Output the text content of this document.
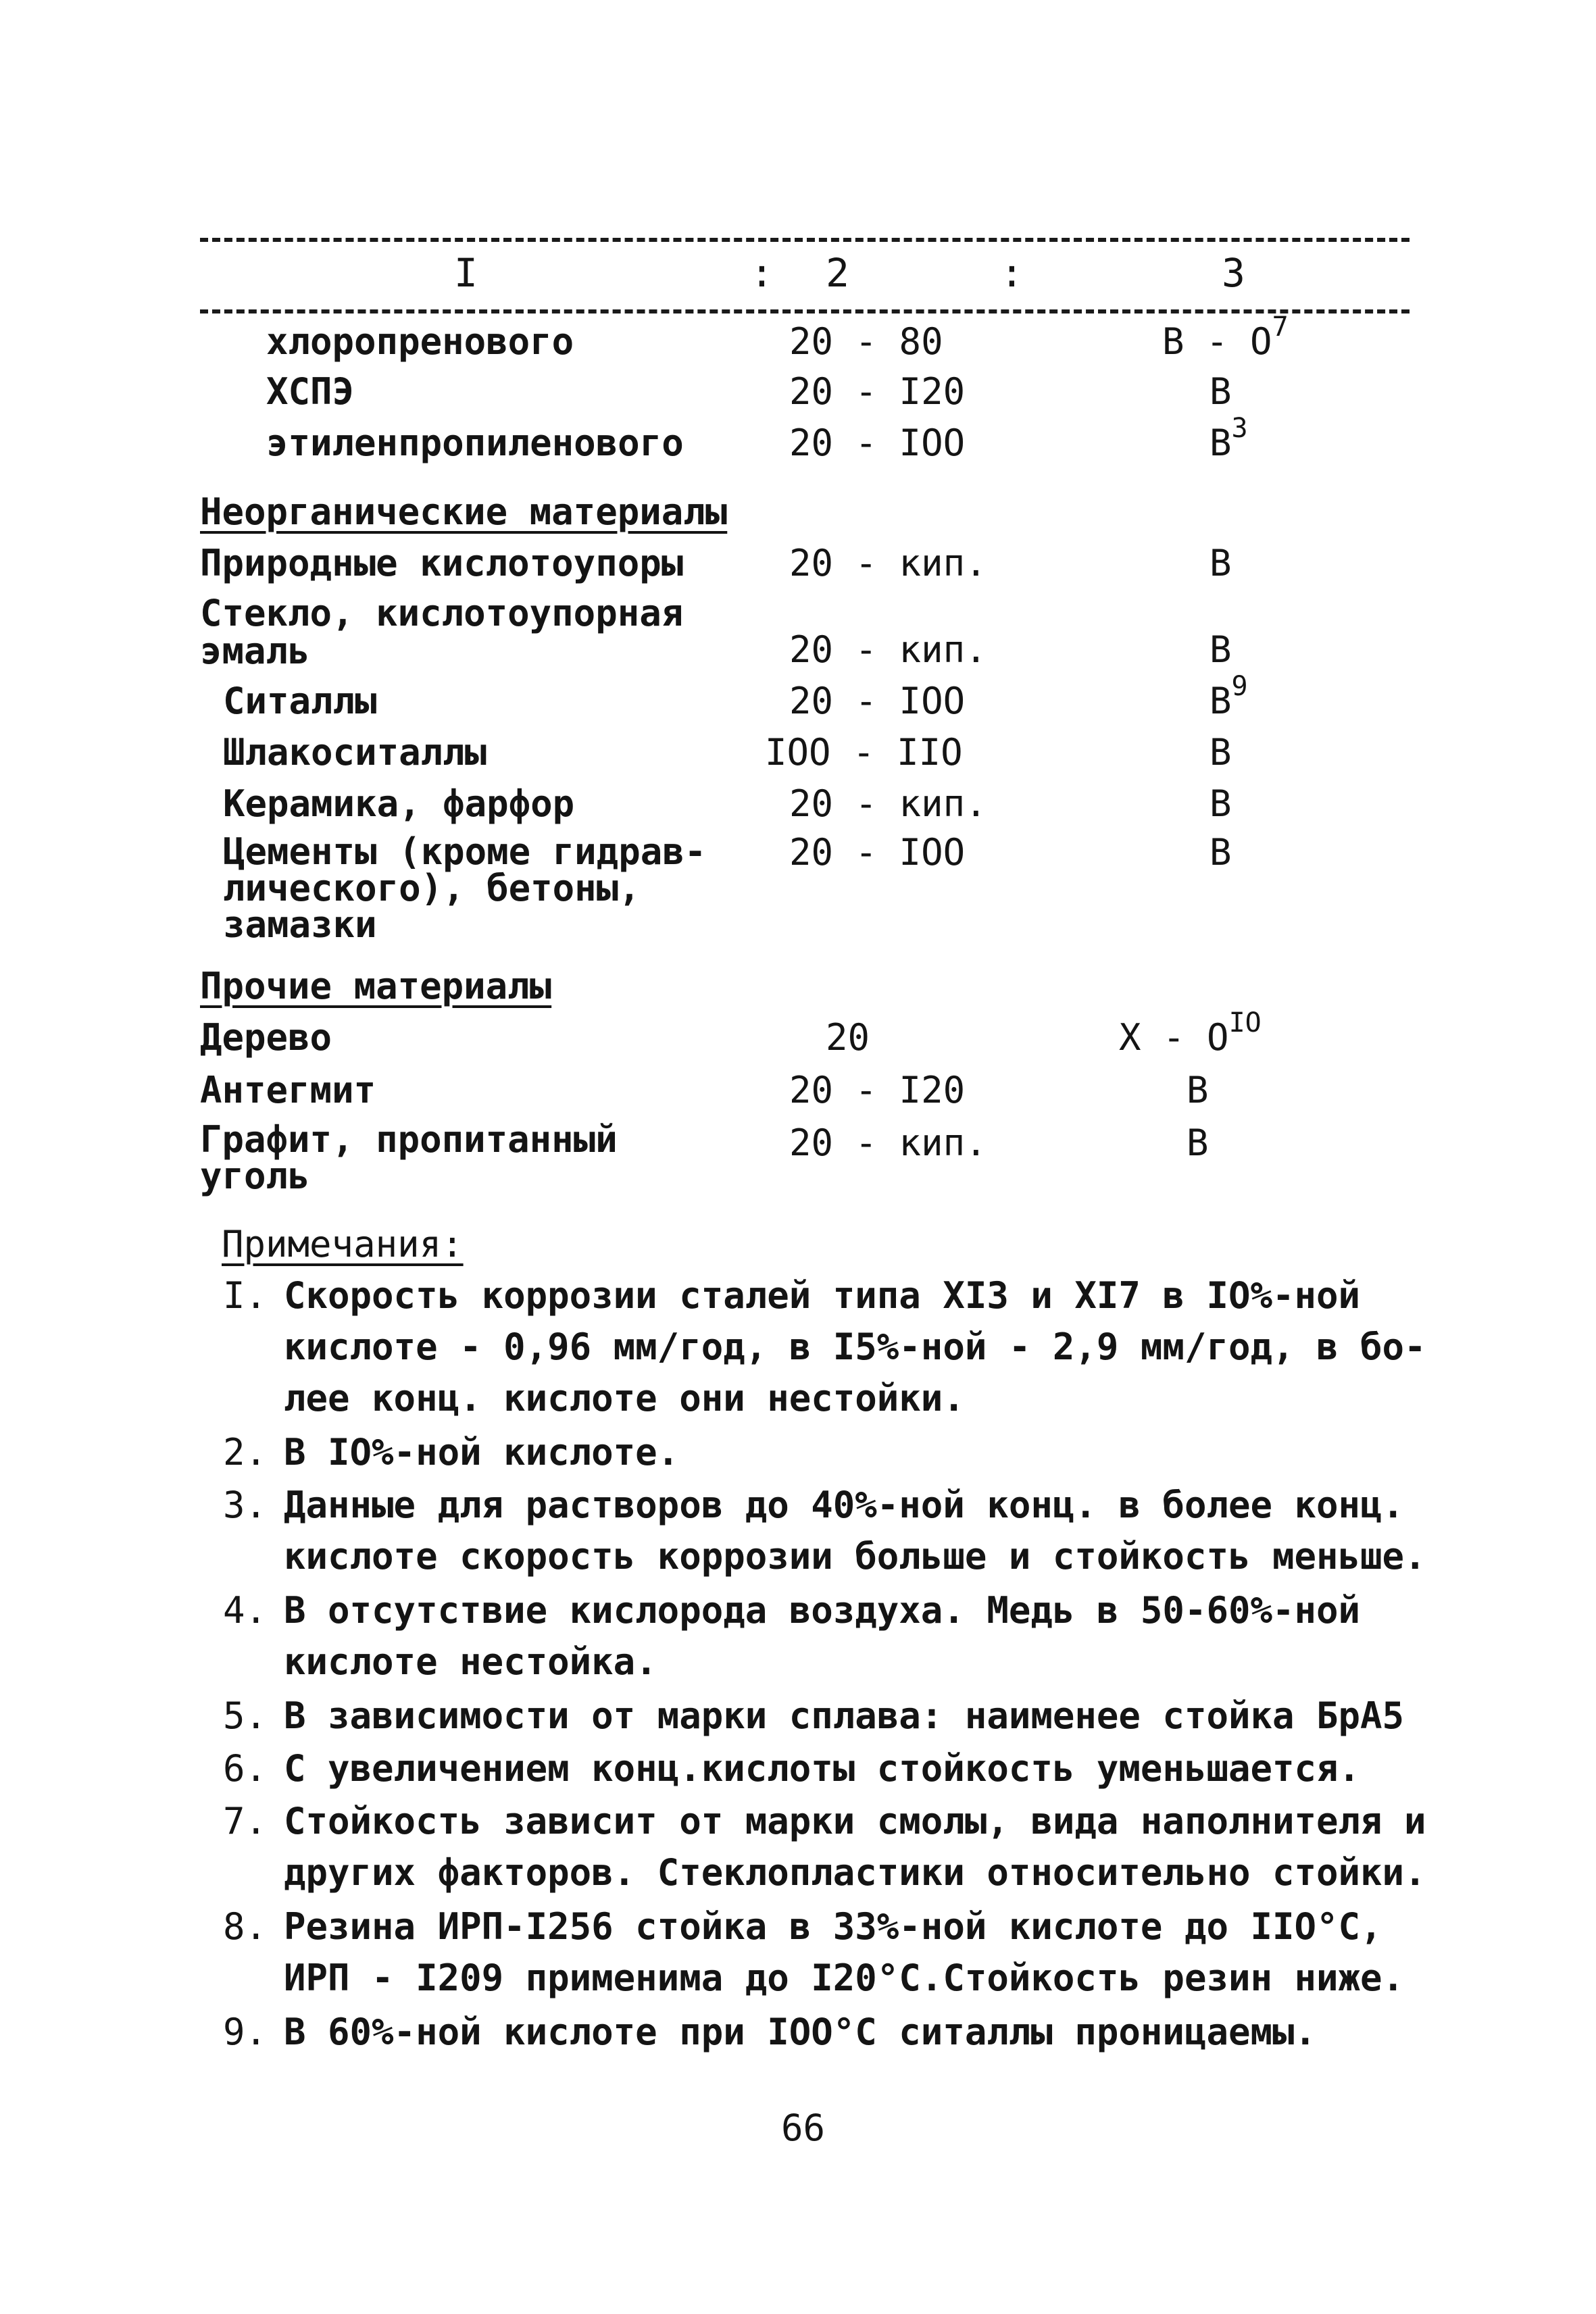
I	: 2	:	3
хлоропренового	20 - 80	В - $О^7$
ХСПЭ	20 - I20	В
этиленпропиленового	20 - IOO	$В^3$
Неорганические материалы
Природные кислотоупоры	20 - кип.	В
Стекло, кислотоупорная
эмаль	20 - кип.	В
Ситаллы	20 - IOO	$В^9$
Шлакоситаллы	IOO - IIO	В
Керамика, фарфор	20 - кип.	В
Цементы (кроме гидрав-
лического), бетоны,
замазки
20 - IOO	В
Прочие материалы
Дерево	20	Х - $О^{IO}$
Антегмит	20 - I20	В
Графит, пропитанный
уголь
20 - кип.	В
Примечания:
I. Скорость коррозии сталей типа XI3 и XI7 в IO%-ной
кислоте - 0,96 мм/год, в I5%-ной - 2,9 мм/год, в бо-
лее конц. кислоте они нестойки.
2. В IO%-ной кислоте.
3. Данные для растворов до 40%-ной конц. в более конц.
кислоте скорость коррозии больше и стойкость меньше.
4. В отсутствие кислорода воздуха. Медь в 50-60%-ной
кислоте нестойка.
5. В зависимости от марки сплава: наименее стойка БрА5
6. С увеличением конц.кислоты стойкость уменьшается.
7. Стойкость зависит от марки смолы, вида наполнителя и
других факторов. Стеклопластики относительно стойки.
8. Резина ИРП-I256 стойка в 33%-ной кислоте до IIO°С,
ИРП - I209 применима до I20°С.Стойкость резин ниже.
9. В 60%-ной кислоте при IOO°С ситаллы проницаемы.
66
